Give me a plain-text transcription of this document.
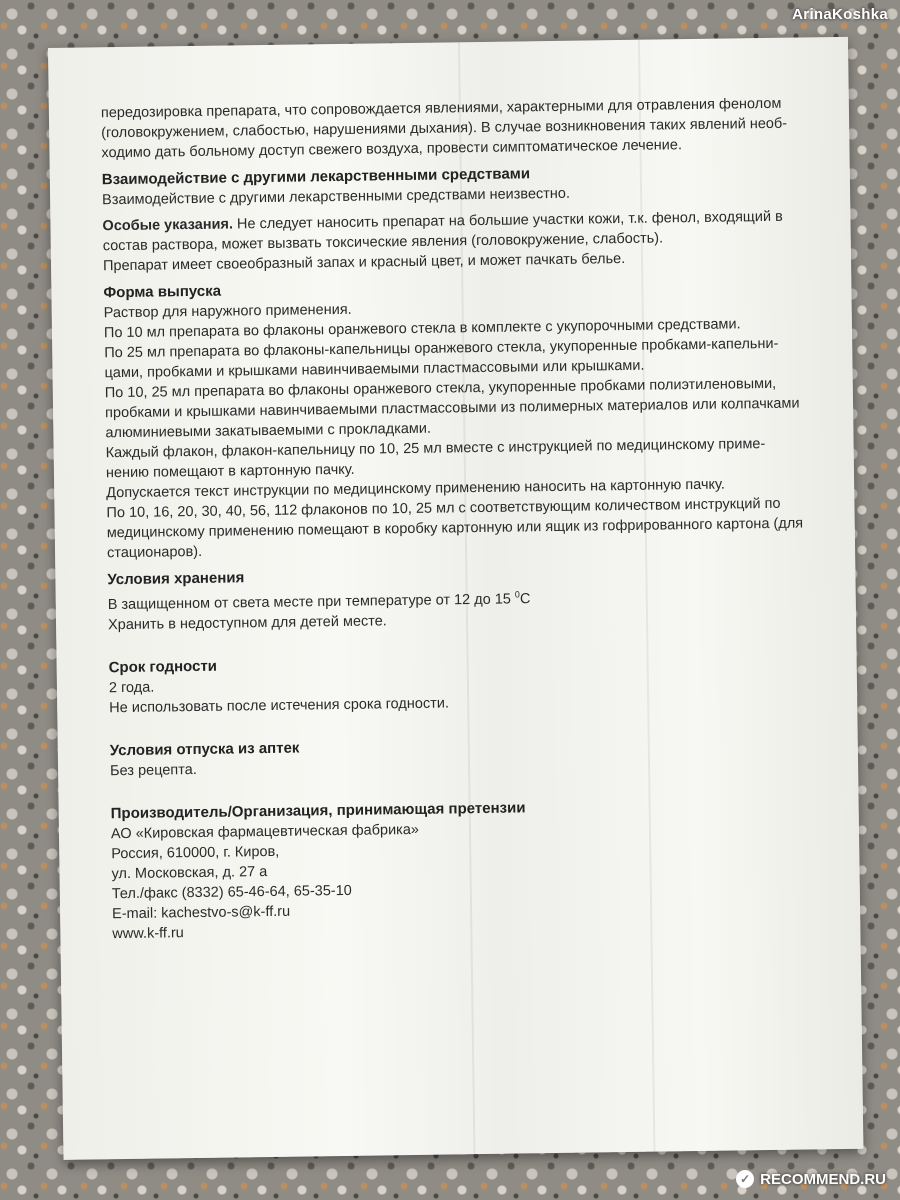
ArinaKoshka

передозировка препарата, что сопровождается явлениями, характерными для отравления фенолом

(головокружением, слабостью, нарушениями дыхания). В случае возникновения таких явлений необ-

ходимо дать больному доступ свежего воздуха, провести симптоматическое лечение.

Взаимодействие с другими лекарственными средствами

Взаимодействие с другими лекарственными средствами неизвестно.

Особые указания. Не следует наносить препарат на большие участки кожи, т.к. фенол, входящий в

состав раствора, может вызвать токсические явления (головокружение, слабость).

Препарат имеет своеобразный запах и красный цвет, и может пачкать белье.

Форма выпуска

Раствор для наружного применения.

По 10 мл препарата во флаконы оранжевого стекла в комплекте с укупорочными средствами.

По 25 мл препарата во флаконы-капельницы оранжевого стекла, укупоренные пробками-капельни-

цами, пробками и крышками навинчиваемыми пластмассовыми или крышками.

По 10, 25 мл препарата во флаконы оранжевого стекла, укупоренные пробками полиэтиленовыми,

пробками и крышками навинчиваемыми пластмассовыми из полимерных материалов или колпачками

алюминиевыми закатываемыми с прокладками.

Каждый флакон, флакон-капельницу по 10, 25 мл вместе с инструкцией по медицинскому приме-

нению помещают в картонную пачку.

Допускается текст инструкции по медицинскому применению наносить на картонную пачку.

По 10, 16, 20, 30, 40, 56, 112 флаконов по 10, 25 мл с соответствующим количеством инструкций по

медицинскому применению помещают в коробку картонную или ящик из гофрированного картона (для

стационаров).

Условия хранения

В защищенном от света месте при температуре от 12 до 15 $^0$С

Хранить в недоступном для детей месте.

Срок годности

2 года.

Не использовать после истечения срока годности.

Условия отпуска из аптек

Без рецепта.

Производитель/Организация, принимающая претензии

АО «Кировская фармацевтическая фабрика»

Россия, 610000, г. Киров,

ул. Московская, д. 27 а

Тел./факс (8332) 65-46-64, 65-35-10

E-mail: kachestvo-s@k-ff.ru

www.k-ff.ru

✓ RECOMMEND.RU
